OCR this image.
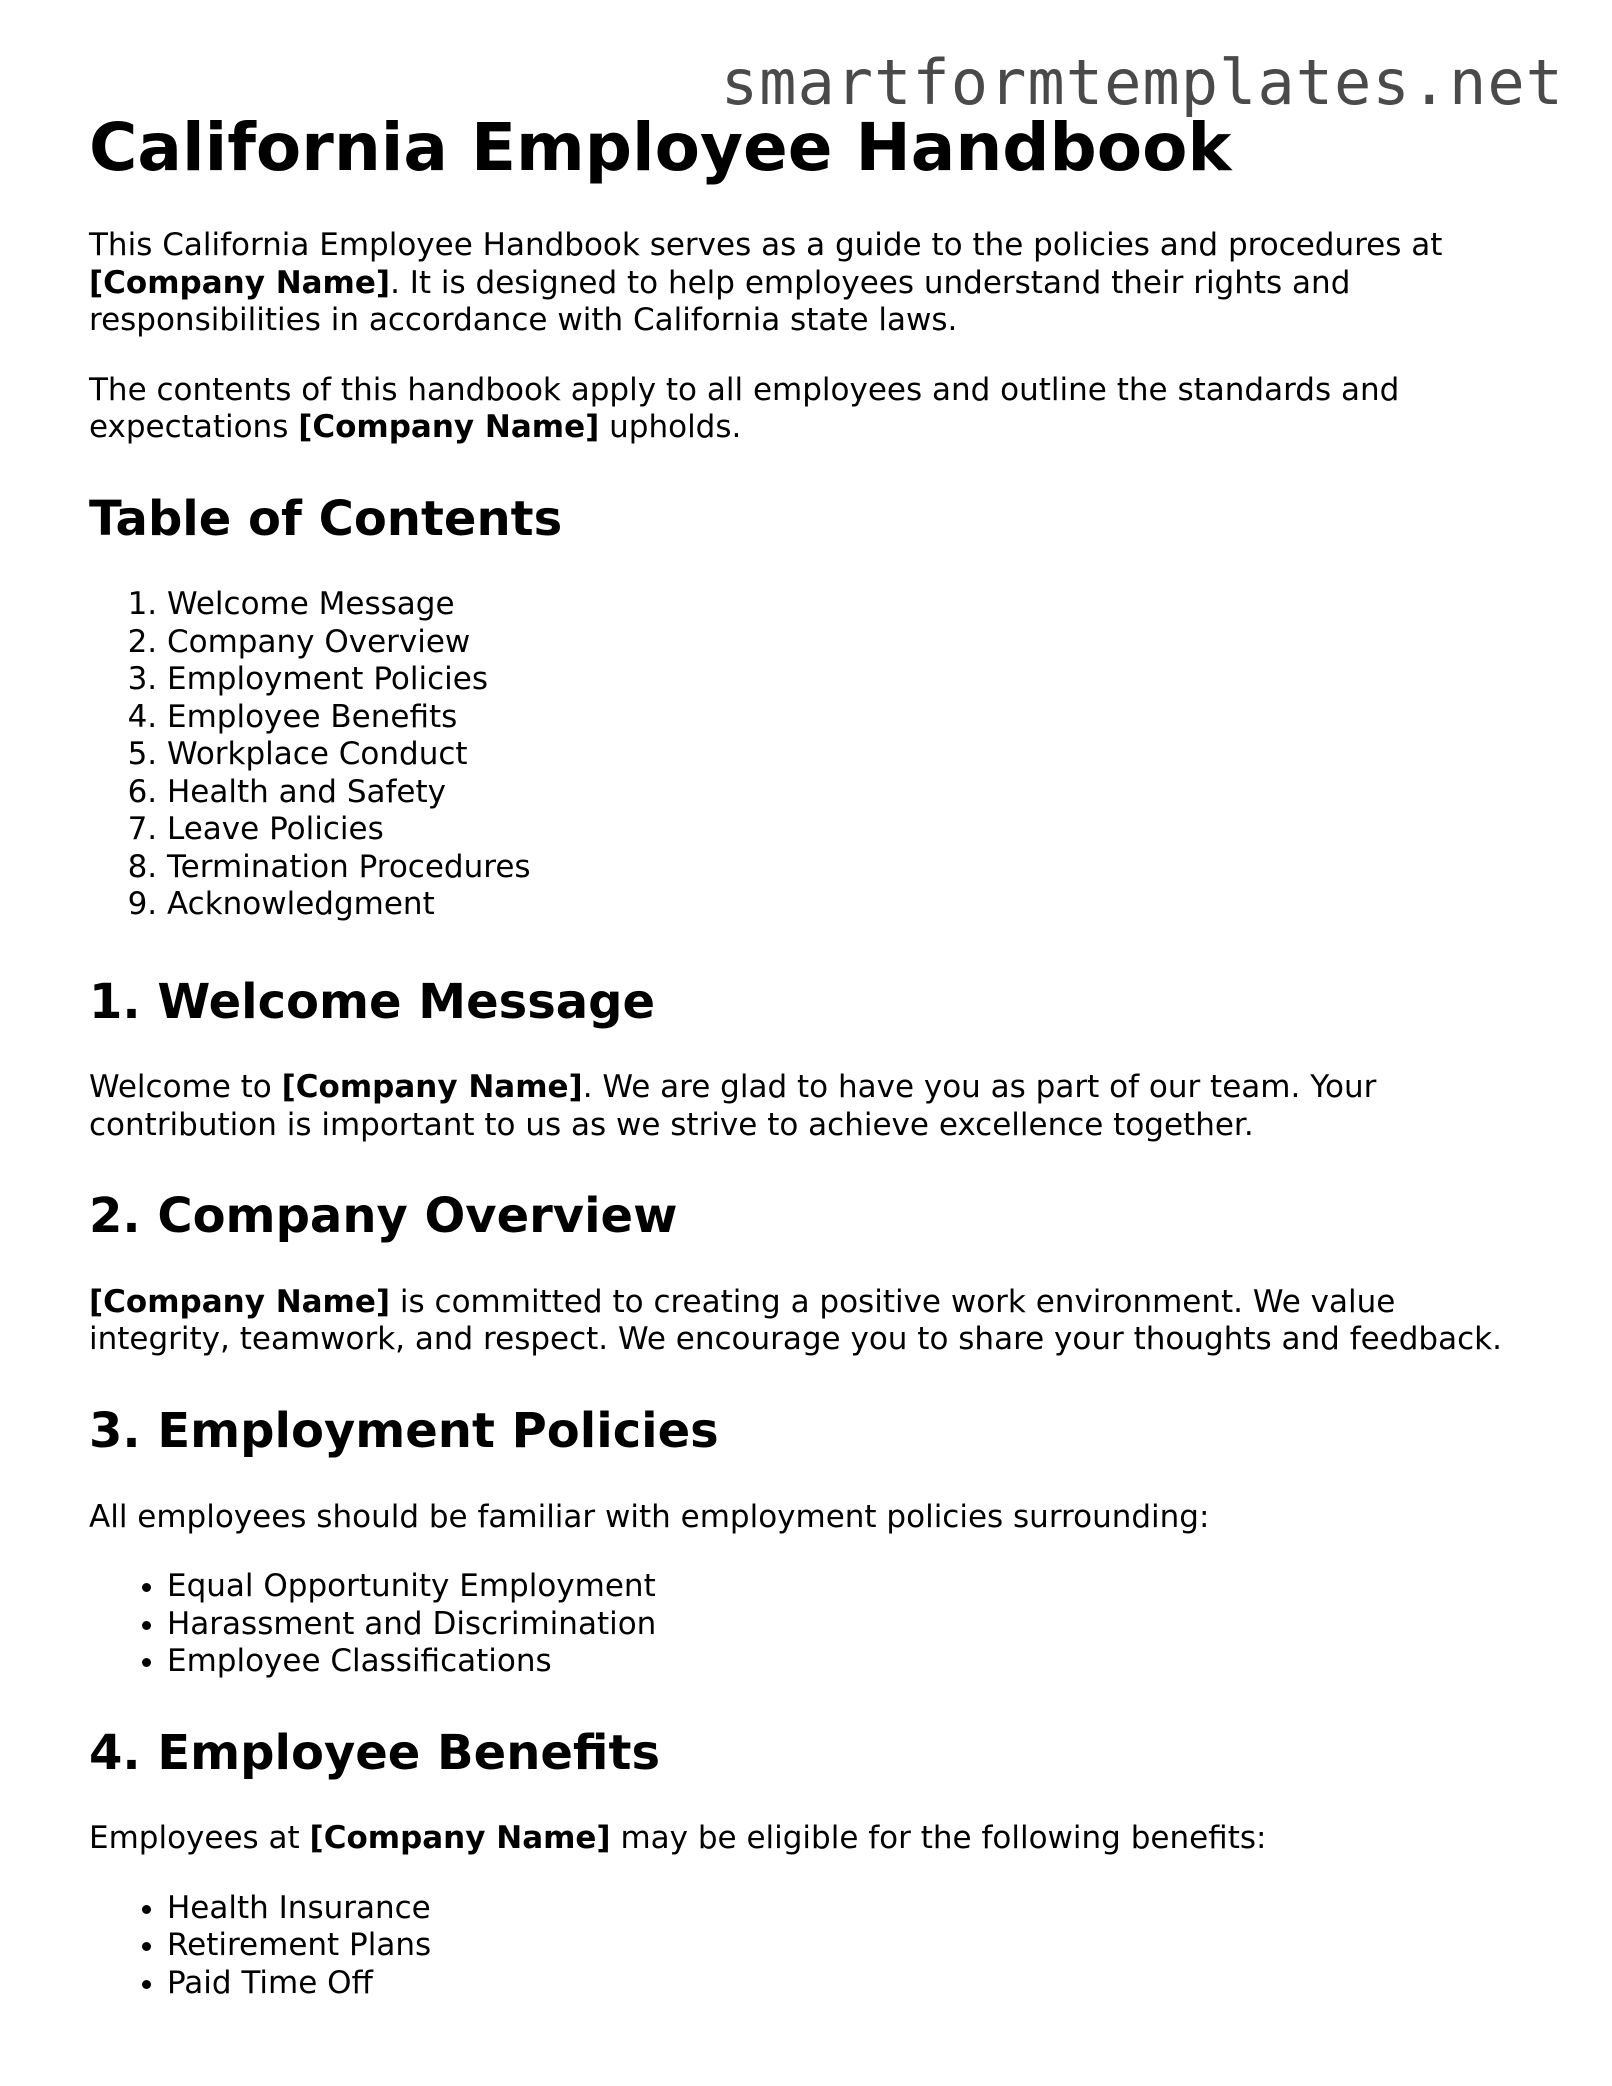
smartformtemplates.net
California Employee Handbook

This California Employee Handbook serves as a guide to the policies and procedures at [Company Name]. It is designed to help employees understand their rights and responsibilities in accordance with California state laws.

The contents of this handbook apply to all employees and outline the standards and expectations [Company Name] upholds.

Table of Contents
1. Welcome Message
2. Company Overview
3. Employment Policies
4. Employee Benefits
5. Workplace Conduct
6. Health and Safety
7. Leave Policies
8. Termination Procedures
9. Acknowledgment
1. Welcome Message

Welcome to [Company Name]. We are glad to have you as part of our team. Your contribution is important to us as we strive to achieve excellence together.

2. Company Overview

[Company Name] is committed to creating a positive work environment. We value integrity, teamwork, and respect. We encourage you to share your thoughts and feedback.

3. Employment Policies

All employees should be familiar with employment policies surrounding:

• Equal Opportunity Employment
• Harassment and Discrimination
• Employee Classifications
4. Employee Benefits

Employees at [Company Name] may be eligible for the following benefits:

• Health Insurance
• Retirement Plans
• Paid Time Off
